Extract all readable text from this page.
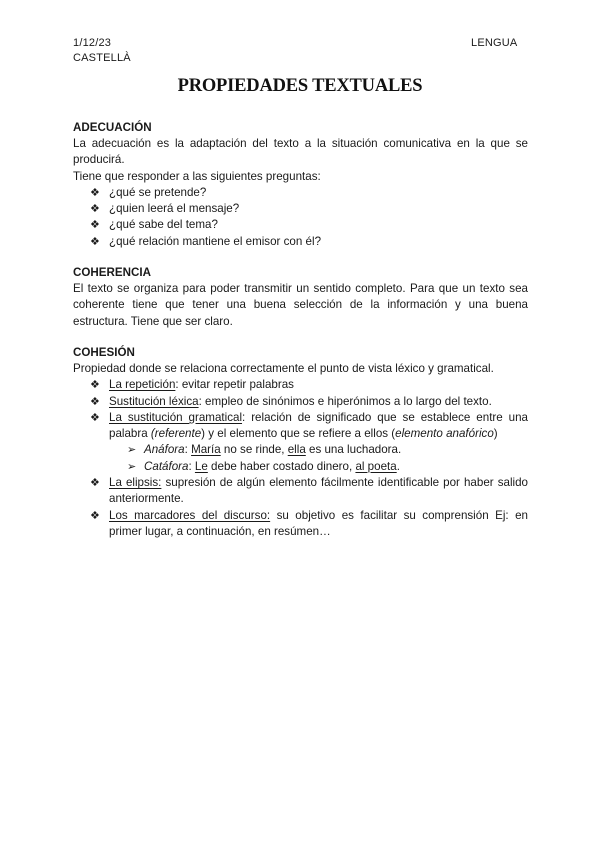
1/12/23
CASTELLÀ
LENGUA
PROPIEDADES TEXTUALES
ADECUACIÓN

La adecuación es la adaptación del texto a la situación comunicativa en la que se producirá.

Tiene que responder a las siguientes preguntas:

❖ ¿qué se pretende?
❖ ¿quien leerá el mensaje?
❖ ¿qué sabe del tema?
❖ ¿qué relación mantiene el emisor con él?
COHERENCIA

El texto se organiza para poder transmitir un sentido completo. Para que un texto sea coherente tiene que tener una buena selección de la información y una buena estructura. Tiene que ser claro.

COHESIÓN

Propiedad donde se relaciona correctamente el punto de vista léxico y gramatical.

❖ La repetición: evitar repetir palabras
❖ Sustitución léxica: empleo de sinónimos e hiperónimos a lo largo del texto.
❖ La sustitución gramatical: relación de significado que se establece entre una palabra (referente) y el elemento que se refiere a ellos (elemento anafórico)
➢ Anáfora: María no se rinde, ella es una luchadora.
➢ Catáfora: Le debe haber costado dinero, al poeta.
❖ La elipsis: supresión de algún elemento fácilmente identificable por haber salido anteriormente.
❖ Los marcadores del discurso: su objetivo es facilitar su comprensión Ej: en primer lugar, a continuación, en resúmen…
